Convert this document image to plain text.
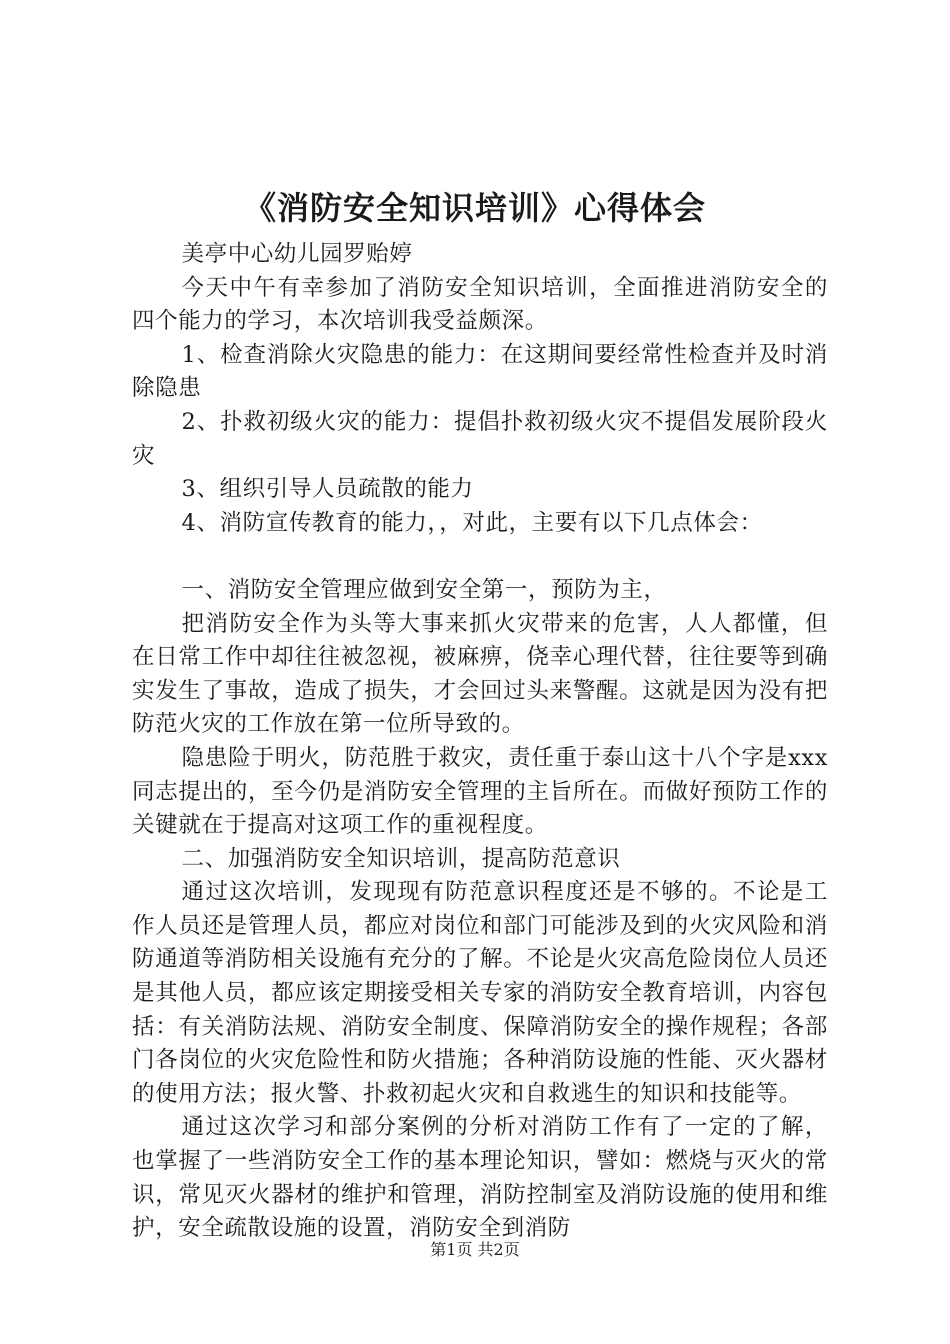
《消防安全知识培训》心得体会

美亭中心幼儿园罗贻婷

今天中午有幸参加了消防安全知识培训，全面推进消防安全的四个能力的学习，本次培训我受益颇深。

1、检查消除火灾隐患的能力：在这期间要经常性检查并及时消除隐患

2、扑救初级火灾的能力：提倡扑救初级火灾不提倡发展阶段火灾

3、组织引导人员疏散的能力

4、消防宣传教育的能力，，对此，主要有以下几点体会：

一、消防安全管理应做到安全第一，预防为主，

把消防安全作为头等大事来抓火灾带来的危害，人人都懂，但在日常工作中却往往被忽视，被麻痹，侥幸心理代替，往往要等到确实发生了事故，造成了损失，才会回过头来警醒。这就是因为没有把防范火灾的工作放在第一位所导致的。

隐患险于明火，防范胜于救灾，责任重于泰山这十八个字是xxx同志提出的，至今仍是消防安全管理的主旨所在。而做好预防工作的关键就在于提高对这项工作的重视程度。

二、加强消防安全知识培训，提高防范意识

通过这次培训，发现现有防范意识程度还是不够的。不论是工作人员还是管理人员，都应对岗位和部门可能涉及到的火灾风险和消防通道等消防相关设施有充分的了解。不论是火灾高危险岗位人员还是其他人员，都应该定期接受相关专家的消防安全教育培训，内容包括：有关消防法规、消防安全制度、保障消防安全的操作规程；各部门各岗位的火灾危险性和防火措施；各种消防设施的性能、灭火器材的使用方法；报火警、扑救初起火灾和自救逃生的知识和技能等。

通过这次学习和部分案例的分析对消防工作有了一定的了解，也掌握了一些消防安全工作的基本理论知识，譬如：燃烧与灭火的常识，常见灭火器材的维护和管理，消防控制室及消防设施的使用和维护，安全疏散设施的设置，消防安全到消防

第1页 共2页
